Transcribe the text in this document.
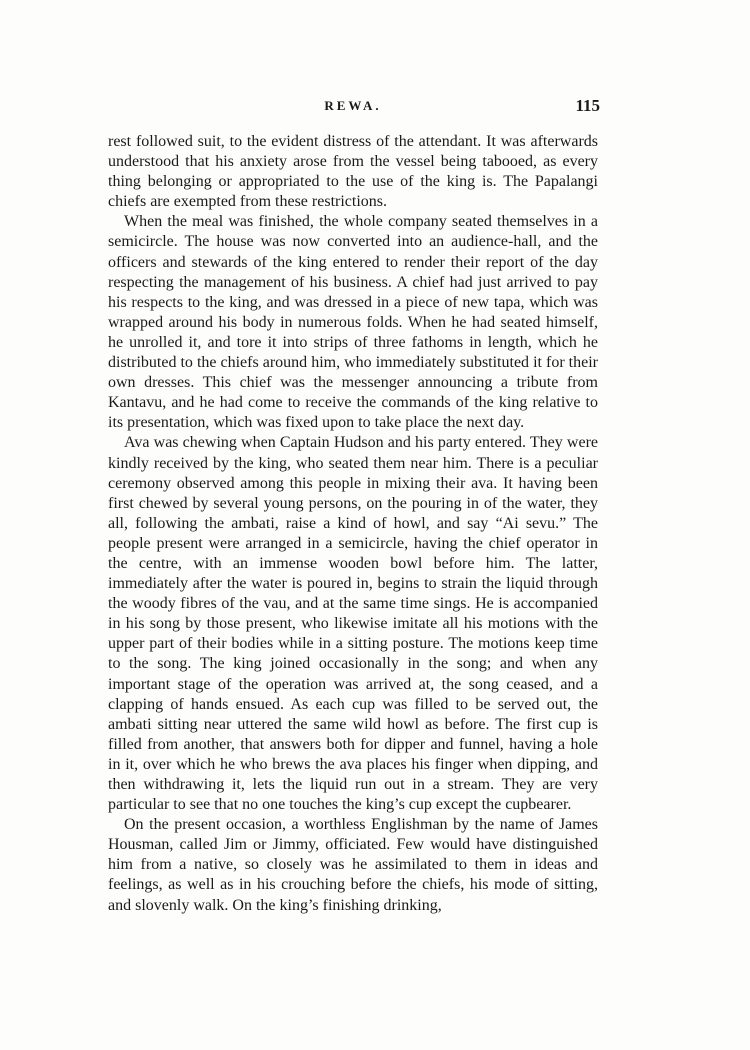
REWA.	115

rest followed suit, to the evident distress of the attendant. It was afterwards understood that his anxiety arose from the vessel being tabooed, as every thing belonging or appropriated to the use of the king is. The Papalangi chiefs are exempted from these restrictions.

When the meal was finished, the whole company seated themselves in a semicircle. The house was now converted into an audience-hall, and the officers and stewards of the king entered to render their report of the day respecting the management of his business. A chief had just arrived to pay his respects to the king, and was dressed in a piece of new tapa, which was wrapped around his body in numerous folds. When he had seated himself, he unrolled it, and tore it into strips of three fathoms in length, which he distributed to the chiefs around him, who immediately substituted it for their own dresses. This chief was the messenger announcing a tribute from Kantavu, and he had come to receive the commands of the king relative to its presentation, which was fixed upon to take place the next day.

Ava was chewing when Captain Hudson and his party entered. They were kindly received by the king, who seated them near him. There is a peculiar ceremony observed among this people in mixing their ava. It having been first chewed by several young persons, on the pouring in of the water, they all, following the ambati, raise a kind of howl, and say “Ai sevu.” The people present were arranged in a semicircle, having the chief operator in the centre, with an immense wooden bowl before him. The latter, immediately after the water is poured in, begins to strain the liquid through the woody fibres of the vau, and at the same time sings. He is accompanied in his song by those present, who likewise imitate all his motions with the upper part of their bodies while in a sitting posture. The motions keep time to the song. The king joined occasionally in the song; and when any important stage of the operation was arrived at, the song ceased, and a clapping of hands ensued. As each cup was filled to be served out, the ambati sitting near uttered the same wild howl as before. The first cup is filled from another, that answers both for dipper and funnel, having a hole in it, over which he who brews the ava places his finger when dipping, and then withdrawing it, lets the liquid run out in a stream. They are very particular to see that no one touches the king’s cup except the cupbearer.

On the present occasion, a worthless Englishman by the name of James Housman, called Jim or Jimmy, officiated. Few would have distinguished him from a native, so closely was he assimilated to them in ideas and feelings, as well as in his crouching before the chiefs, his mode of sitting, and slovenly walk. On the king’s finishing drinking,
